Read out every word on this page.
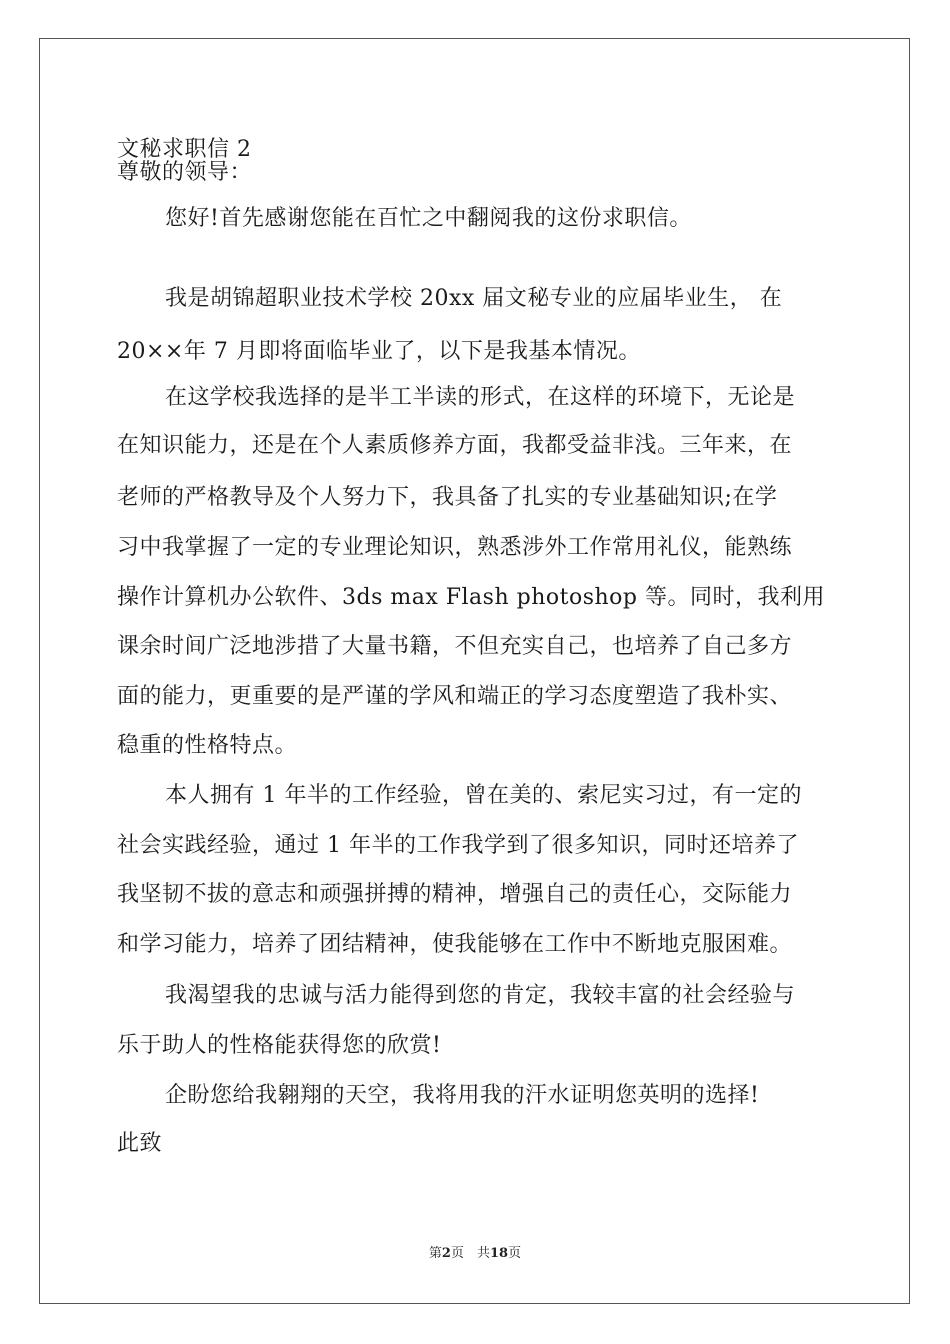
文秘求职信 2
尊敬的领导：
您好!首先感谢您能在百忙之中翻阅我的这份求职信。
我是胡锦超职业技术学校 20xx 届文秘专业的应届毕业生， 在
20××年 7 月即将面临毕业了，以下是我基本情况。
在这学校我选择的是半工半读的形式，在这样的环境下，无论是
在知识能力，还是在个人素质修养方面，我都受益非浅。三年来，在
老师的严格教导及个人努力下，我具备了扎实的专业基础知识;在学
习中我掌握了一定的专业理论知识，熟悉涉外工作常用礼仪，能熟练
操作计算机办公软件、3ds max Flash photoshop 等。同时，我利用
课余时间广泛地涉措了大量书籍，不但充实自己，也培养了自己多方
面的能力，更重要的是严谨的学风和端正的学习态度塑造了我朴实、
稳重的性格特点。
本人拥有 1 年半的工作经验，曾在美的、索尼实习过，有一定的
社会实践经验，通过 1 年半的工作我学到了很多知识，同时还培养了
我坚韧不拔的意志和顽强拼搏的精神，增强自己的责任心，交际能力
和学习能力，培养了团结精神，使我能够在工作中不断地克服困难。
我渴望我的忠诚与活力能得到您的肯定，我较丰富的社会经验与
乐于助人的性格能获得您的欣赏!
企盼您给我翱翔的天空，我将用我的汗水证明您英明的选择!
此致
第2页　共18页
